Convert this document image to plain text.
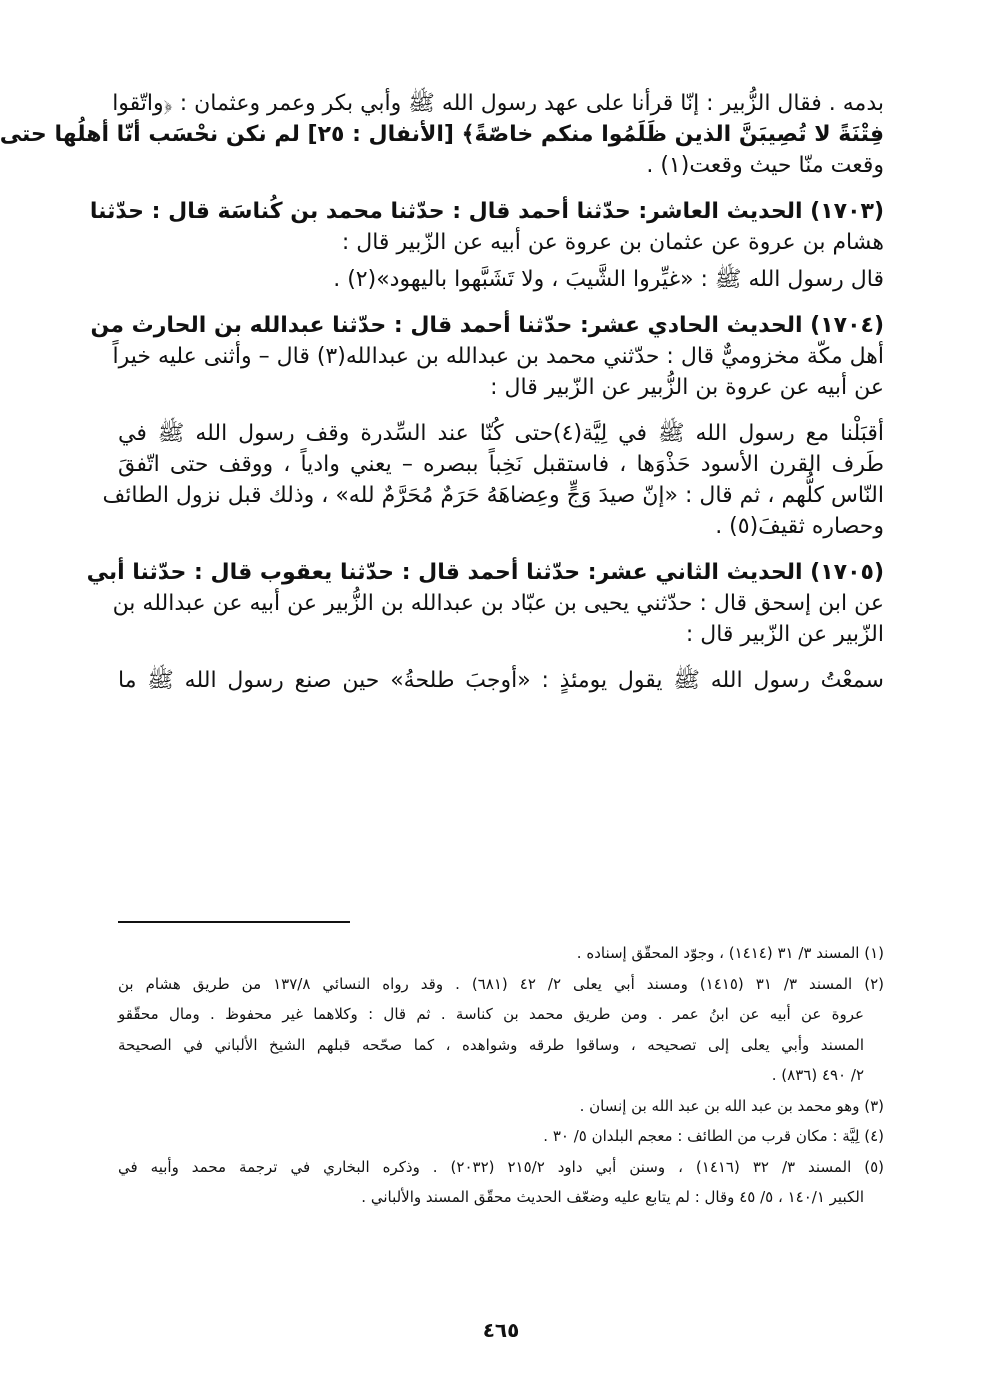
بدمه . فقال الزُّبير : إنّا قرأنا على عهد رسول الله ﷺ وأبي بكر وعمر وعثمان : ﴿واتّقوا
فِتْنَةً لا تُصِيبَنَّ الذين ظَلَمُوا منكم خاصّةً﴾ [الأنفال : ٢٥] لم نكن نحْسَب أنّا أهلُها حتى
وقعت منّا حيث وقعت(١) .
(١٧٠٣) الحديث العاشر: حدّثنا أحمد قال : حدّثنا محمد بن كُناسَة قال : حدّثنا
هشام بن عروة عن عثمان بن عروة عن أبيه عن الزّبير قال :
قال رسول الله ﷺ : «غيِّروا الشَّيبَ ، ولا تَشَبَّهوا باليهود»(٢) .
(١٧٠٤) الحديث الحادي عشر: حدّثنا أحمد قال : حدّثنا عبدالله بن الحارث من
أهل مكّة مخزوميٌّ قال : حدّثني محمد بن عبدالله بن عبدالله(٣) قال – وأثنى عليه خيراً
عن أبيه عن عروة بن الزُّبير عن الزّبير قال :
أقبَلْنا مع رسول الله ﷺ في لِيَّة(٤)حتى كُنّا عند السِّدرة وقف رسول الله ﷺ في
طَرف القرن الأسود حَذْوَها ، فاستقبل نَخِباً ببصره – يعني وادياً ، ووقف حتى اتّفقَ
النّاس كلُّهم ، ثم قال : «إنّ صيدَ وَجٍّ وعِضاهَهُ حَرَمٌ مُحَرَّمٌ لله» ، وذلك قبل نزول الطائف
وحصاره ثقيفَ(٥) .
(١٧٠٥) الحديث الثاني عشر: حدّثنا أحمد قال : حدّثنا يعقوب قال : حدّثنا أبي
عن ابن إسحق قال : حدّثني يحيى بن عبّاد بن عبدالله بن الزُّبير عن أبيه عن عبدالله بن
الزّبير عن الزّبير قال :
سمعْتُ رسول الله ﷺ يقول يومئذٍ : «أوجبَ طلحةُ» حين صنع رسول الله ﷺ ما
(١) المسند ٣/ ٣١ (١٤١٤) ، وجوّد المحقّق إسناده .
(٢) المسند ٣/ ٣١ (١٤١٥) ومسند أبي يعلى ٢/ ٤٢ (٦٨١) . وقد رواه النسائي ١٣٧/٨ من طريق هشام بن
عروة عن أبيه عن ابنُ عمر . ومن طريق محمد بن كناسة . ثم قال : وكلاهما غير محفوظ . ومال محقّقو
المسند وأبي يعلى إلى تصحيحه ، وساقوا طرقه وشواهده ، كما صحّحه قبلهم الشيخ الألباني في الصحيحة
٢/ ٤٩٠ (٨٣٦) .
(٣) وهو محمد بن عبد الله بن عبد الله بن إنسان .
(٤) لِيَّة : مكان قرب من الطائف : معجم البلدان ٥/ ٣٠ .
(٥) المسند ٣/ ٣٢ (١٤١٦) ، وسنن أبي داود ٢١٥/٢ (٢٠٣٢) . وذكره البخاري في ترجمة محمد وأبيه في
الكبير ١٤٠/١ ، ٥/ ٤٥ وقال : لم يتابع عليه وضعّف الحديث محقّق المسند والألباني .
٤٦٥
